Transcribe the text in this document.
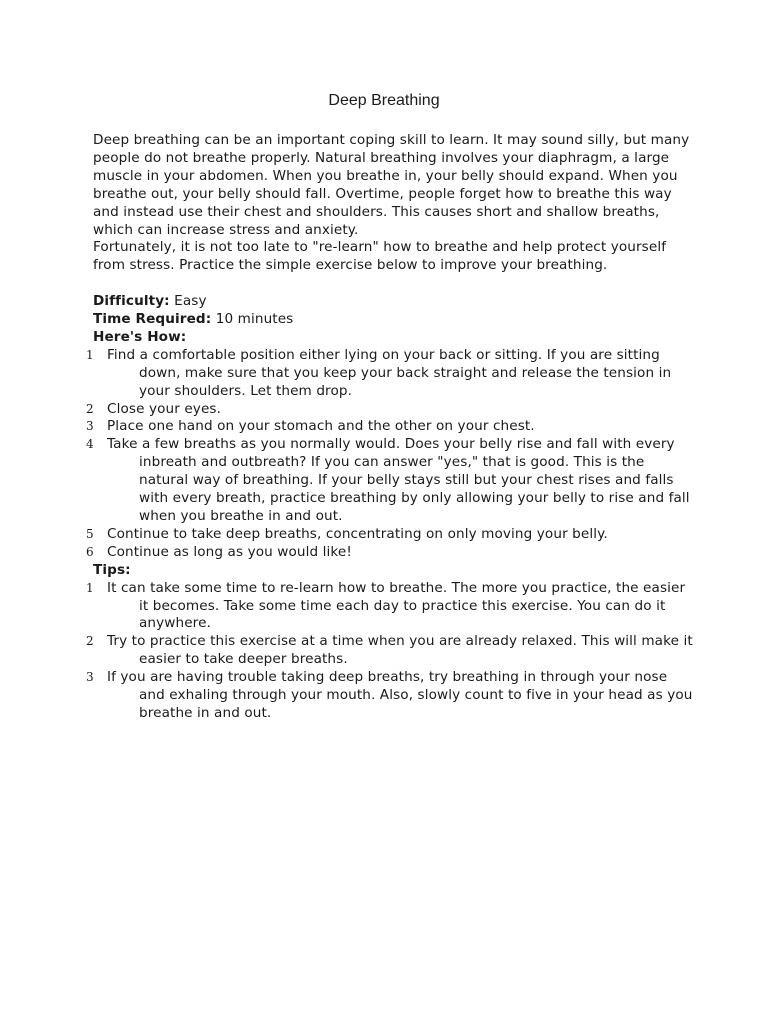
Deep Breathing

Deep breathing can be an important coping skill to learn. It may sound silly, but many people do not breathe properly. Natural breathing involves your diaphragm, a large muscle in your abdomen. When you breathe in, your belly should expand. When you breathe out, your belly should fall. Overtime, people forget how to breathe this way and instead use their chest and shoulders. This causes short and shallow breaths, which can increase stress and anxiety.

Fortunately, it is not too late to "re-learn" how to breathe and help protect yourself from stress. Practice the simple exercise below to improve your breathing.

Difficulty: Easy

Time Required: 10 minutes

Here's How:

1 Find a comfortable position either lying on your back or sitting. If you are sitting down, make sure that you keep your back straight and release the tension in your shoulders. Let them drop.
2 Close your eyes.
3 Place one hand on your stomach and the other on your chest.
4 Take a few breaths as you normally would. Does your belly rise and fall with every inbreath and outbreath? If you can answer "yes," that is good. This is the natural way of breathing. If your belly stays still but your chest rises and falls with every breath, practice breathing by only allowing your belly to rise and fall when you breathe in and out.
5 Continue to take deep breaths, concentrating on only moving your belly.
6 Continue as long as you would like!

Tips:

1 It can take some time to re-learn how to breathe. The more you practice, the easier it becomes. Take some time each day to practice this exercise. You can do it anywhere.
2 Try to practice this exercise at a time when you are already relaxed. This will make it easier to take deeper breaths.
3 If you are having trouble taking deep breaths, try breathing in through your nose and exhaling through your mouth. Also, slowly count to five in your head as you breathe in and out.
